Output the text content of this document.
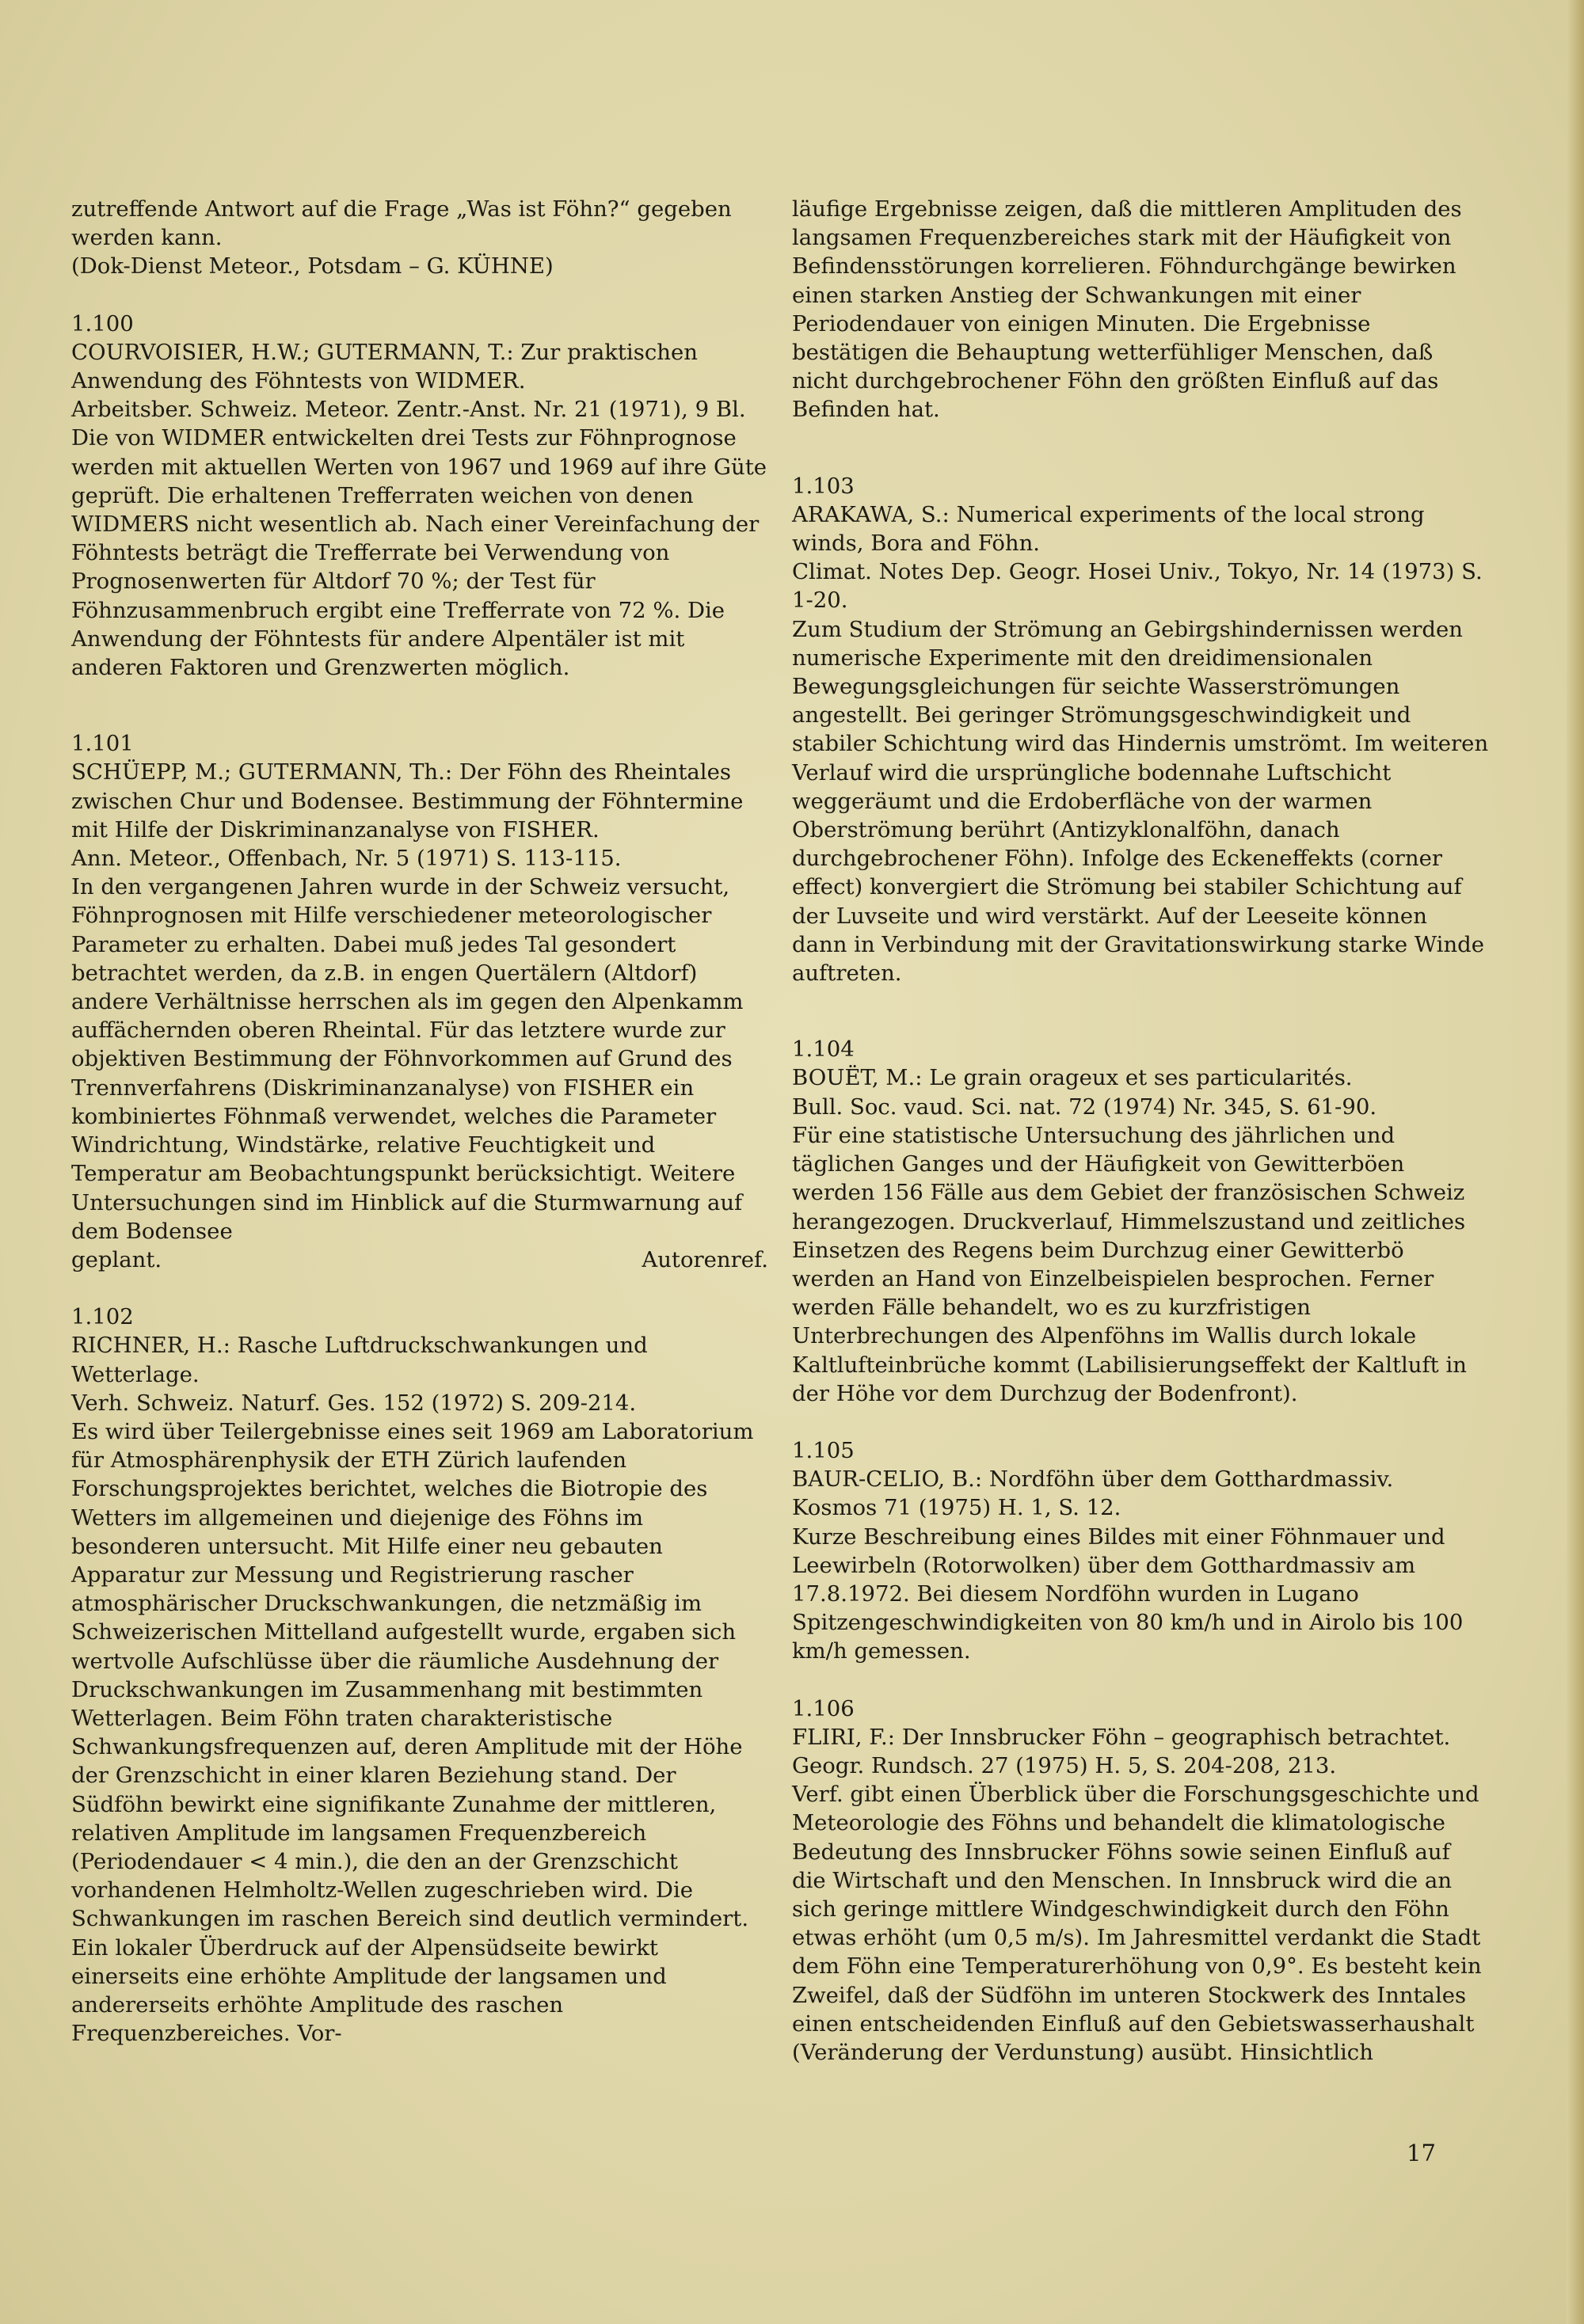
zutreffende Antwort auf die Frage „Was ist Föhn?“ gegeben werden kann.

(Dok-Dienst Meteor., Potsdam – G. KÜHNE)

1.100

COURVOISIER, H.W.; GUTERMANN, T.: Zur praktischen Anwendung des Föhntests von WIDMER.

Arbeitsber. Schweiz. Meteor. Zentr.-Anst. Nr. 21 (1971), 9 Bl.

Die von WIDMER entwickelten drei Tests zur Föhnprognose werden mit aktuellen Werten von 1967 und 1969 auf ihre Güte geprüft. Die erhaltenen Trefferraten weichen von denen WIDMERS nicht wesentlich ab. Nach einer Vereinfachung der Föhntests beträgt die Trefferrate bei Verwendung von Prognosenwerten für Altdorf 70 %; der Test für Föhnzusammenbruch ergibt eine Trefferrate von 72 %. Die Anwendung der Föhntests für andere Alpentäler ist mit anderen Faktoren und Grenzwerten möglich.

1.101

SCHÜEPP, M.; GUTERMANN, Th.: Der Föhn des Rheintales zwischen Chur und Bodensee. Bestimmung der Föhntermine mit Hilfe der Diskriminanzanalyse von FISHER.

Ann. Meteor., Offenbach, Nr. 5 (1971) S. 113-115.

In den vergangenen Jahren wurde in der Schweiz versucht, Föhnprognosen mit Hilfe verschiedener meteorologischer Parameter zu erhalten. Dabei muß jedes Tal gesondert betrachtet werden, da z.B. in engen Quertälern (Altdorf) andere Verhältnisse herrschen als im gegen den Alpenkamm auffächernden oberen Rheintal. Für das letztere wurde zur objektiven Bestimmung der Föhnvorkommen auf Grund des Trennverfahrens (Diskriminanzanalyse) von FISHER ein kombiniertes Föhnmaß verwendet, welches die Parameter Windrichtung, Windstärke, relative Feuchtigkeit und Temperatur am Beobachtungspunkt berücksichtigt. Weitere Untersuchungen sind im Hinblick auf die Sturmwarnung auf dem Bodensee

geplant.	Autorenref.

1.102

RICHNER, H.: Rasche Luftdruckschwankungen und Wetterlage.

Verh. Schweiz. Naturf. Ges. 152 (1972) S. 209-214.

Es wird über Teilergebnisse eines seit 1969 am Laboratorium für Atmosphärenphysik der ETH Zürich laufenden Forschungsprojektes berichtet, welches die Biotropie des Wetters im allgemeinen und diejenige des Föhns im besonderen untersucht. Mit Hilfe einer neu gebauten Apparatur zur Messung und Registrierung rascher atmosphärischer Druckschwankungen, die netzmäßig im Schweizerischen Mittelland aufgestellt wurde, ergaben sich wertvolle Aufschlüsse über die räumliche Ausdehnung der Druckschwankungen im Zusammenhang mit bestimmten Wetterlagen. Beim Föhn traten charakteristische Schwankungsfrequenzen auf, deren Amplitude mit der Höhe der Grenzschicht in einer klaren Beziehung stand. Der Südföhn bewirkt eine signifikante Zunahme der mittleren, relativen Amplitude im langsamen Frequenzbereich (Periodendauer < 4 min.), die den an der Grenzschicht vorhandenen Helmholtz-Wellen zugeschrieben wird. Die Schwankungen im raschen Bereich sind deutlich vermindert. Ein lokaler Überdruck auf der Alpensüdseite bewirkt einerseits eine erhöhte Amplitude der langsamen und andererseits erhöhte Amplitude des raschen Frequenzbereiches. Vor-

läufige Ergebnisse zeigen, daß die mittleren Amplituden des langsamen Frequenzbereiches stark mit der Häufigkeit von Befindensstörungen korrelieren. Föhndurchgänge bewirken einen starken Anstieg der Schwankungen mit einer Periodendauer von einigen Minuten. Die Ergebnisse bestätigen die Behauptung wetterfühliger Menschen, daß nicht durchgebrochener Föhn den größten Einfluß auf das Befinden hat.

1.103

ARAKAWA, S.: Numerical experiments of the local strong winds, Bora and Föhn.

Climat. Notes Dep. Geogr. Hosei Univ., Tokyo, Nr. 14 (1973) S. 1-20.

Zum Studium der Strömung an Gebirgshindernissen werden numerische Experimente mit den dreidimensionalen Bewegungsgleichungen für seichte Wasserströmungen angestellt. Bei geringer Strömungsgeschwindigkeit und stabiler Schichtung wird das Hindernis umströmt. Im weiteren Verlauf wird die ursprüngliche bodennahe Luftschicht weggeräumt und die Erdoberfläche von der warmen Oberströmung berührt (Antizyklonalföhn, danach durchgebrochener Föhn). Infolge des Eckeneffekts (corner effect) konvergiert die Strömung bei stabiler Schichtung auf der Luvseite und wird verstärkt. Auf der Leeseite können dann in Verbindung mit der Gravitationswirkung starke Winde auftreten.

1.104

BOUËT, M.: Le grain orageux et ses particularités.

Bull. Soc. vaud. Sci. nat. 72 (1974) Nr. 345, S. 61-90.

Für eine statistische Untersuchung des jährlichen und täglichen Ganges und der Häufigkeit von Gewitterböen werden 156 Fälle aus dem Gebiet der französischen Schweiz herangezogen. Druckverlauf, Himmelszustand und zeitliches Einsetzen des Regens beim Durchzug einer Gewitterbö werden an Hand von Einzelbeispielen besprochen. Ferner werden Fälle behandelt, wo es zu kurzfristigen Unterbrechungen des Alpenföhns im Wallis durch lokale Kaltlufteinbrüche kommt (Labilisierungseffekt der Kaltluft in der Höhe vor dem Durchzug der Bodenfront).

1.105

BAUR-CELIO, B.: Nordföhn über dem Gotthardmassiv.

Kosmos 71 (1975) H. 1, S. 12.

Kurze Beschreibung eines Bildes mit einer Föhnmauer und Leewirbeln (Rotorwolken) über dem Gotthardmassiv am 17.8.1972. Bei diesem Nordföhn wurden in Lugano Spitzengeschwindigkeiten von 80 km/h und in Airolo bis 100 km/h gemessen.

1.106

FLIRI, F.: Der Innsbrucker Föhn – geographisch betrachtet.

Geogr. Rundsch. 27 (1975) H. 5, S. 204-208, 213.

Verf. gibt einen Überblick über die Forschungsgeschichte und Meteorologie des Föhns und behandelt die klimatologische Bedeutung des Innsbrucker Föhns sowie seinen Einfluß auf die Wirtschaft und den Menschen. In Innsbruck wird die an sich geringe mittlere Windgeschwindigkeit durch den Föhn etwas erhöht (um 0,5 m/s). Im Jahresmittel verdankt die Stadt dem Föhn eine Temperaturerhöhung von 0,9°. Es besteht kein Zweifel, daß der Südföhn im unteren Stockwerk des Inntales einen entscheidenden Einfluß auf den Gebietswasserhaushalt (Veränderung der Verdunstung) ausübt. Hinsichtlich

17
